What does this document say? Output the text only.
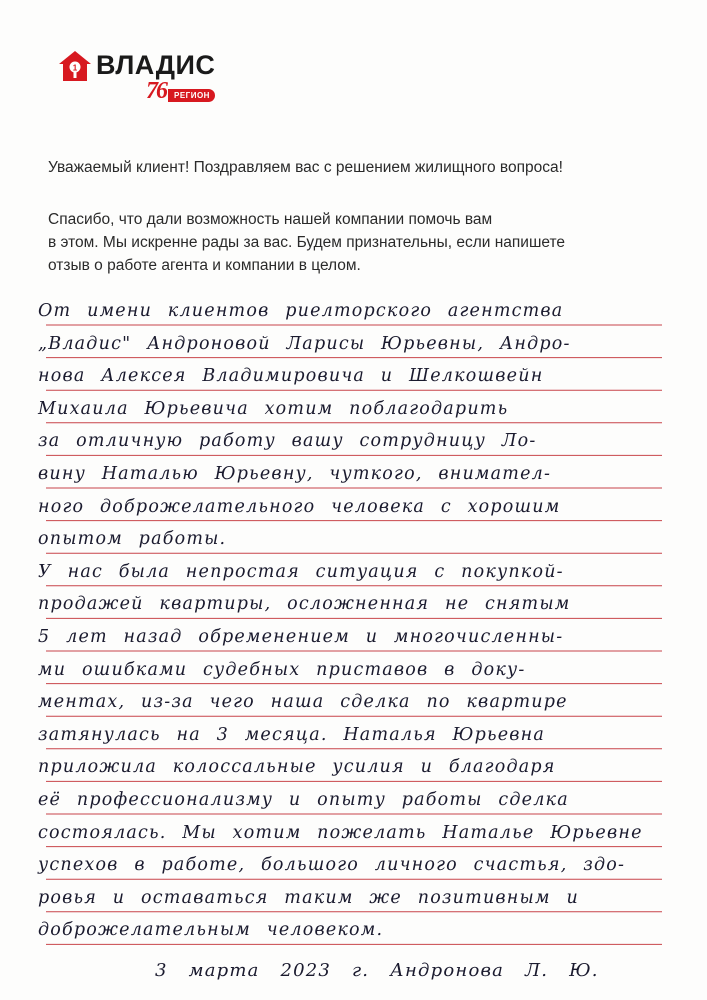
1 ВЛАДИС
76	РЕГИОН
Уважаемый клиент! Поздравляем вас с решением жилищного вопроса!
Спасибо, что дали возможность нашей компании помочь вам
в этом. Мы искренне рады за вас. Будем признательны, если напишете
отзыв о работе агента и компании в целом.
От имени клиентов риелторского агентства
„Владис" Андроновой Ларисы Юрьевны, Андро-
нова Алексея Владимировича и Шелкошвейн
Михаила Юрьевича хотим поблагодарить
за отличную работу вашу сотрудницу Ло-
вину Наталью Юрьевну, чуткого, внимател-
ного доброжелательного человека с хорошим
опытом работы.
У нас была непростая ситуация с покупкой-
продажей квартиры, осложненная не снятым
5 лет назад обременением и многочисленны-
ми ошибками судебных приставов в доку-
ментах, из-за чего наша сделка по квартире
затянулась на 3 месяца. Наталья Юрьевна
приложила колоссальные усилия и благодаря
её профессионализму и опыту работы сделка
состоялась. Мы хотим пожелать Наталье Юрьевне
успехов в работе, большого личного счастья, здо-
ровья и оставаться таким же позитивным и
доброжелательным человеком.
3 марта 2023 г. Андронова Л. Ю.
